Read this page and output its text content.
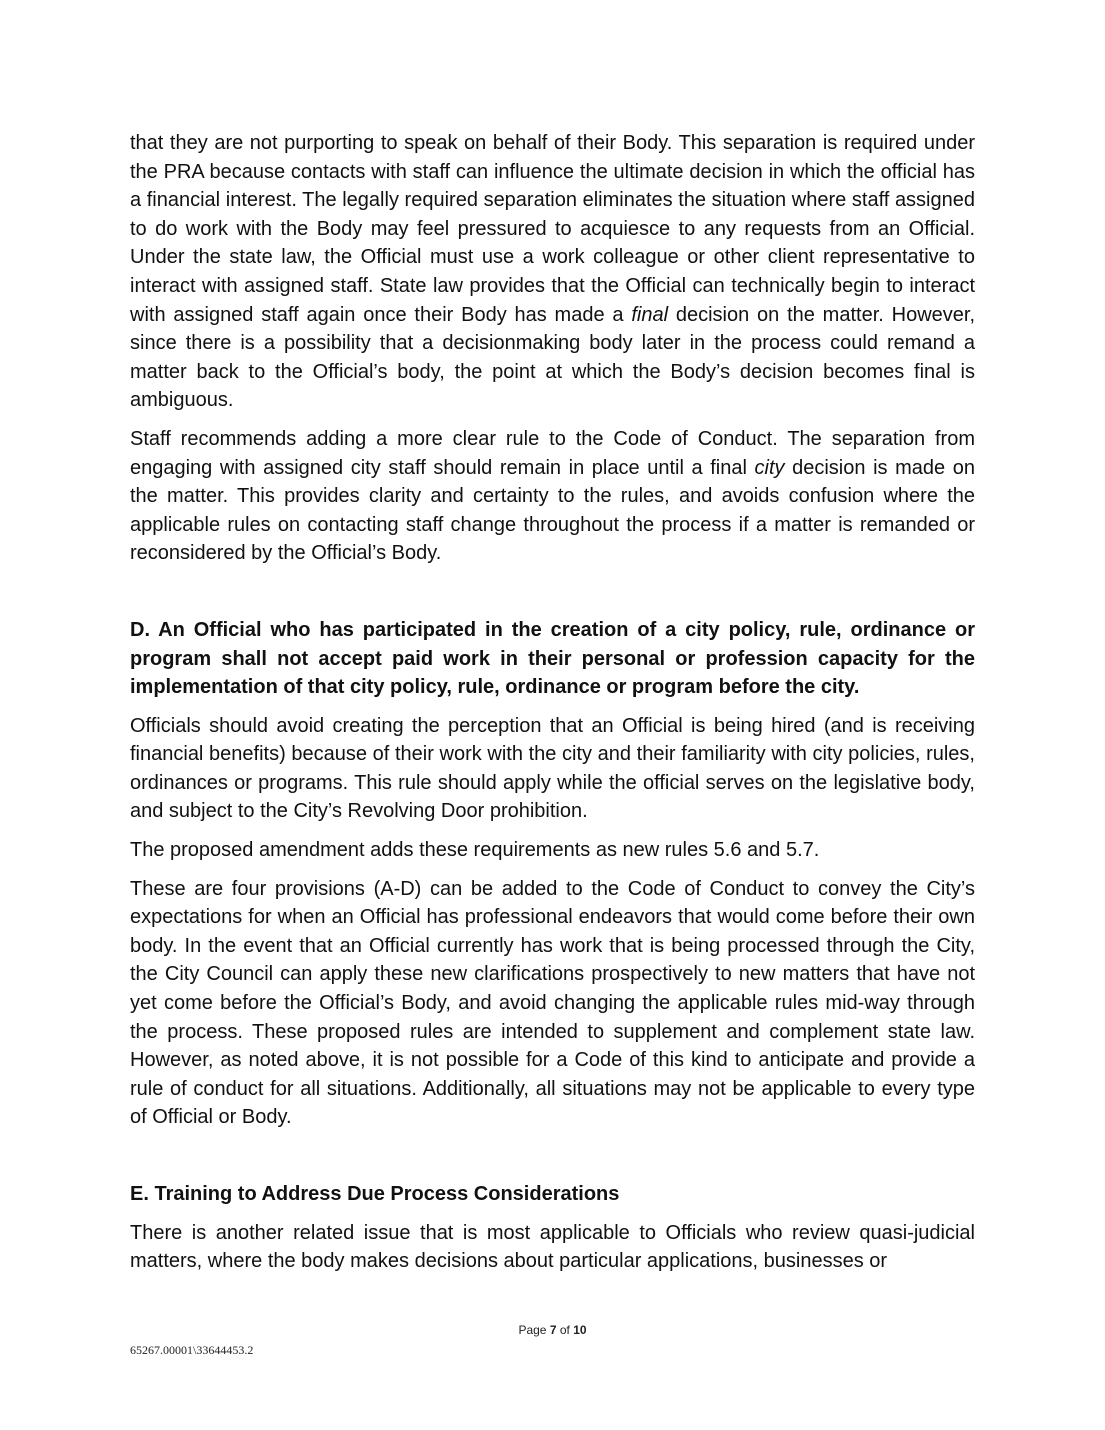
that they are not purporting to speak on behalf of their Body. This separation is required under the PRA because contacts with staff can influence the ultimate decision in which the official has a financial interest. The legally required separation eliminates the situation where staff assigned to do work with the Body may feel pressured to acquiesce to any requests from an Official. Under the state law, the Official must use a work colleague or other client representative to interact with assigned staff. State law provides that the Official can technically begin to interact with assigned staff again once their Body has made a final decision on the matter. However, since there is a possibility that a decisionmaking body later in the process could remand a matter back to the Official’s body, the point at which the Body’s decision becomes final is ambiguous.

Staff recommends adding a more clear rule to the Code of Conduct. The separation from engaging with assigned city staff should remain in place until a final city decision is made on the matter. This provides clarity and certainty to the rules, and avoids confusion where the applicable rules on contacting staff change throughout the process if a matter is remanded or reconsidered by the Official’s Body.

D. An Official who has participated in the creation of a city policy, rule, ordinance or program shall not accept paid work in their personal or profession capacity for the implementation of that city policy, rule, ordinance or program before the city.

Officials should avoid creating the perception that an Official is being hired (and is receiving financial benefits) because of their work with the city and their familiarity with city policies, rules, ordinances or programs. This rule should apply while the official serves on the legislative body, and subject to the City’s Revolving Door prohibition.

The proposed amendment adds these requirements as new rules 5.6 and 5.7.

These are four provisions (A-D) can be added to the Code of Conduct to convey the City’s expectations for when an Official has professional endeavors that would come before their own body. In the event that an Official currently has work that is being processed through the City, the City Council can apply these new clarifications prospectively to new matters that have not yet come before the Official’s Body, and avoid changing the applicable rules mid-way through the process. These proposed rules are intended to supplement and complement state law. However, as noted above, it is not possible for a Code of this kind to anticipate and provide a rule of conduct for all situations. Additionally, all situations may not be applicable to every type of Official or Body.

E. Training to Address Due Process Considerations

There is another related issue that is most applicable to Officials who review quasi-judicial matters, where the body makes decisions about particular applications, businesses or

Page 7 of 10
65267.00001\33644453.2
